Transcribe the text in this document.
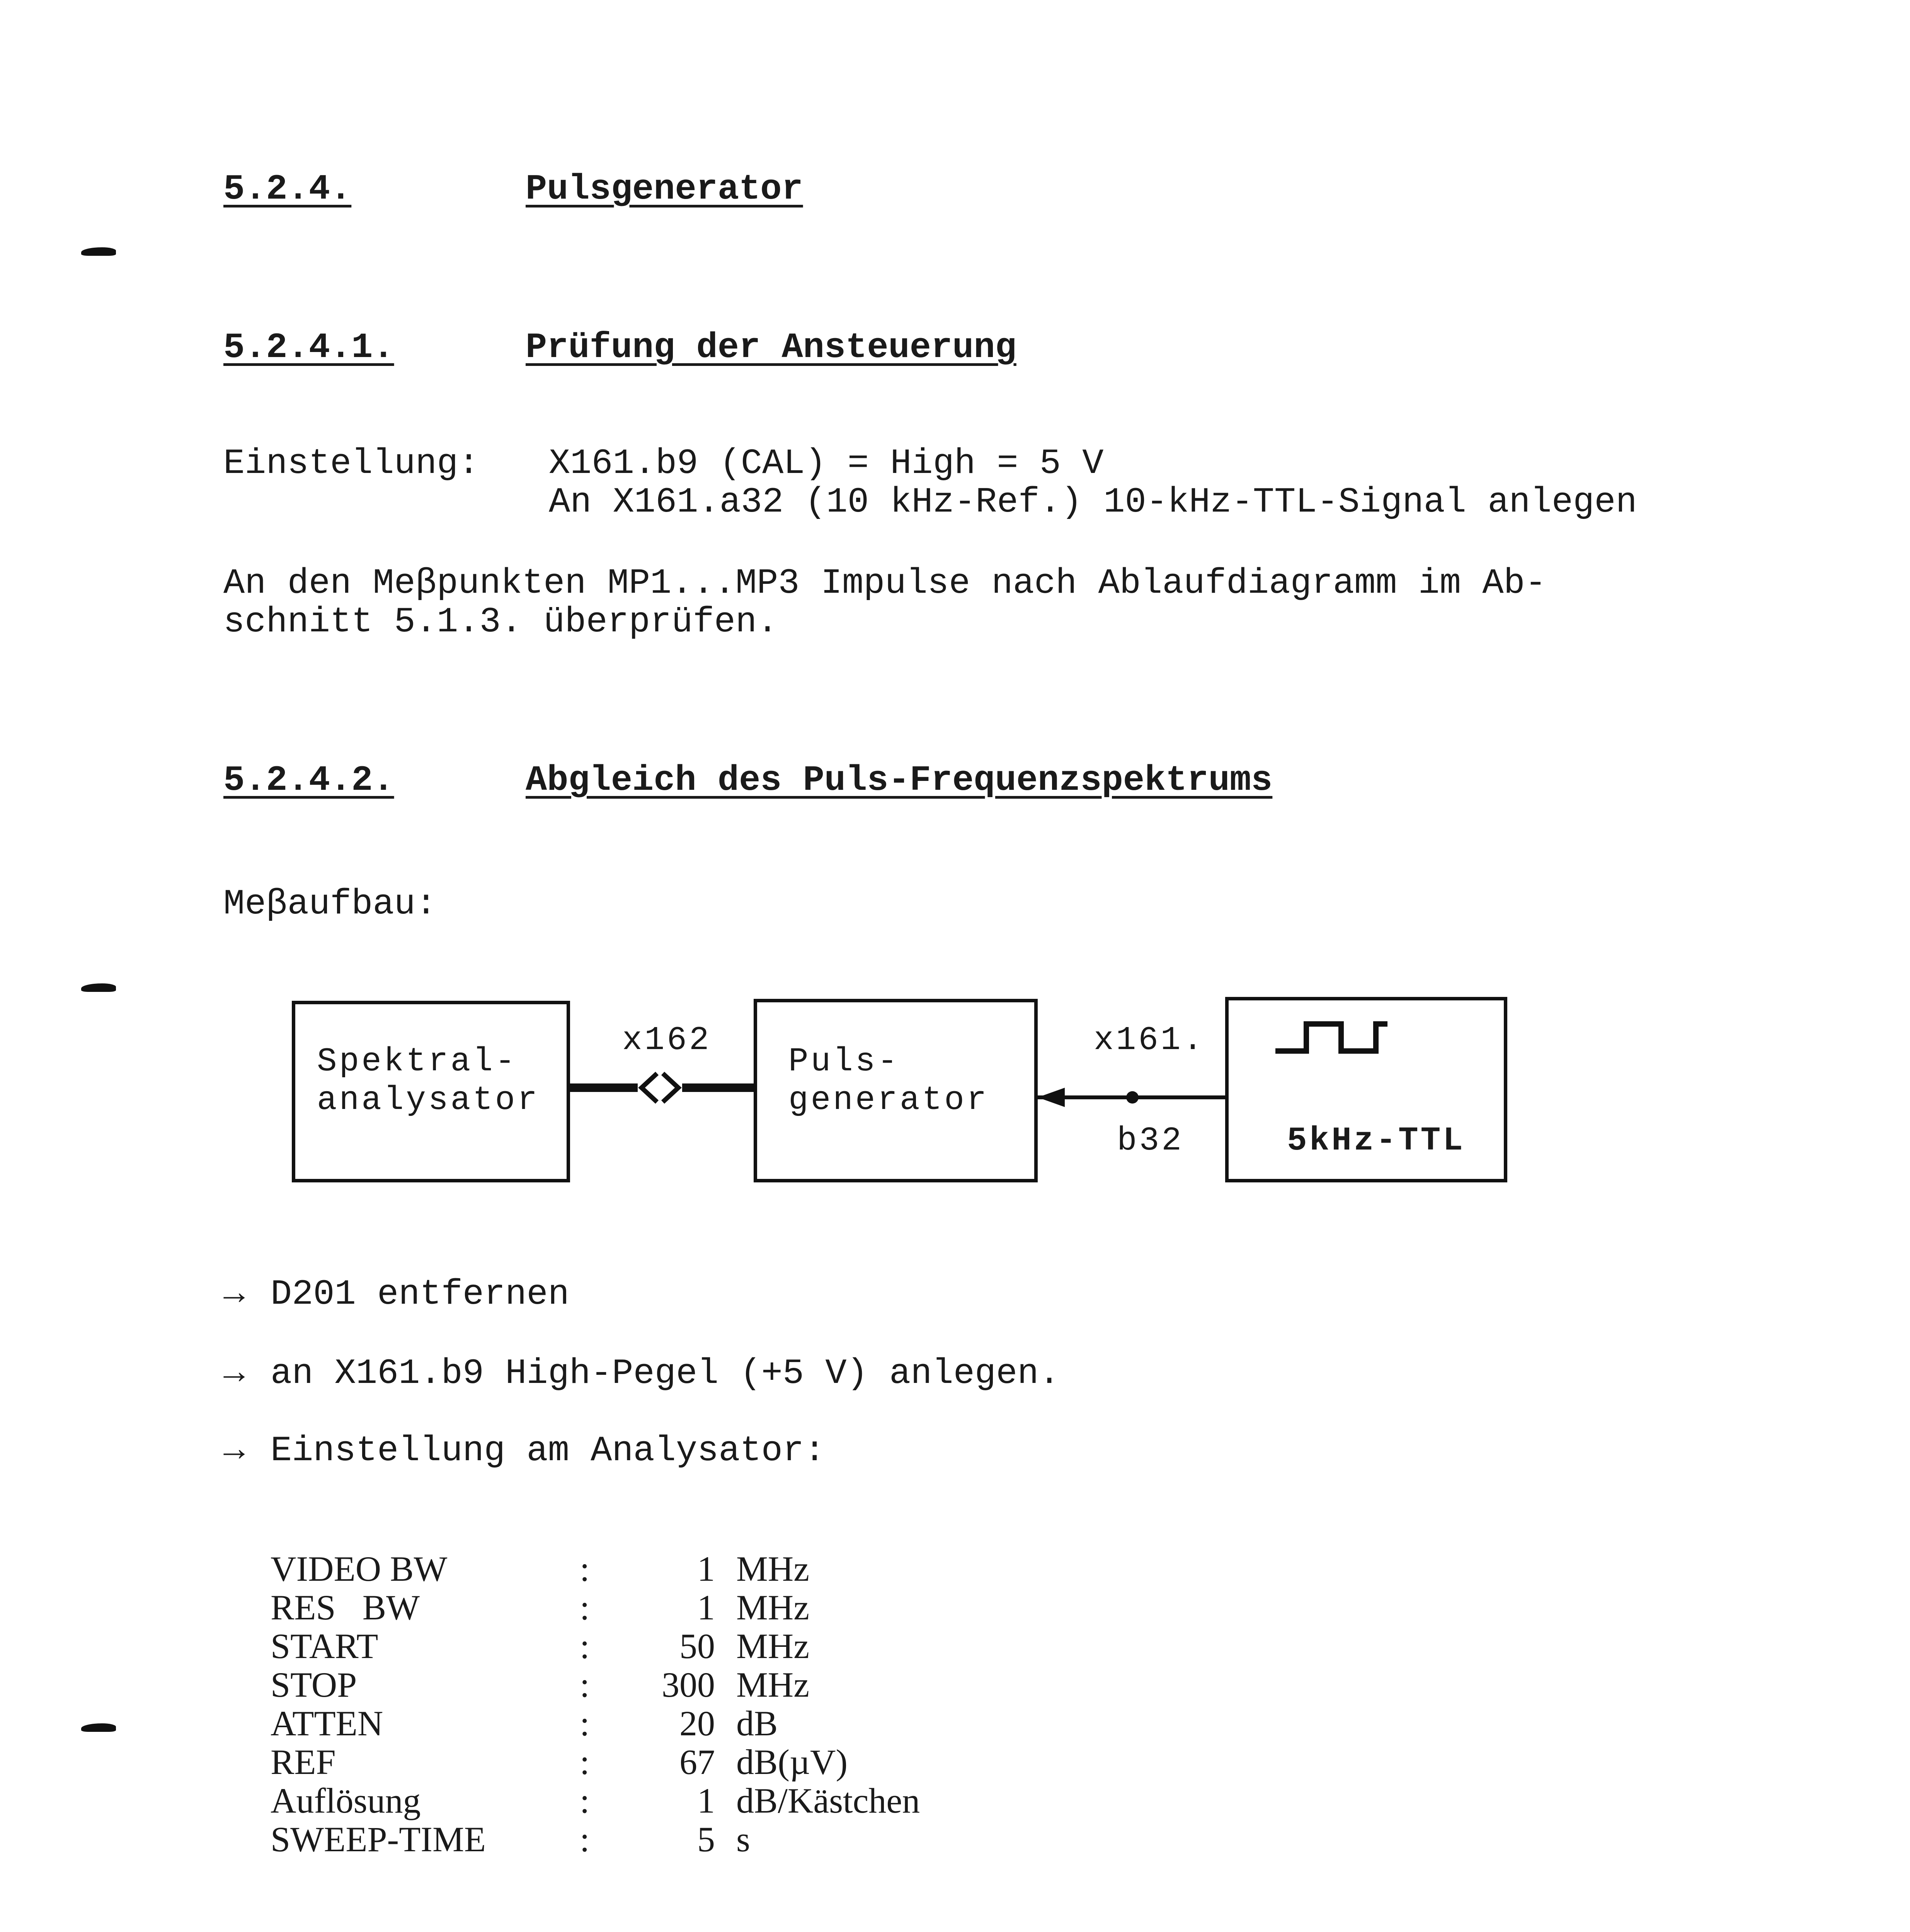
5.2.4.	Pulsgenerator
5.2.4.1.	Prüfung der Ansteuerung
Einstellung: X161.b9 (CAL) = High = 5 V
An X161.a32 (10 kHz-Ref.) 10-kHz-TTL-Signal anlegen
An den Meβpunkten MP1...MP3 Impulse nach Ablaufdiagramm im Ab-
schnitt 5.1.3. überprüfen.
5.2.4.2.	Abgleich des Puls-Frequenzspektrums
Meβaufbau:
Spektral-
analysator
Puls-
generator
5kHz-TTL
x162	x161.
b32
→ D201 entfernen
→ an X161.b9 High-Pegel (+5 V) anlegen.
→ Einstellung am Analysator:
VIDEO BW	:	1 MHz
RES   BW	:	1 MHz
START	:	50 MHz
STOP	:	300 MHz
ATTEN	:	20 dB
REF	:	67 dB(µV)
Auflösung	:	1 dB/Kästchen
SWEEP-TIME	:	5 s
